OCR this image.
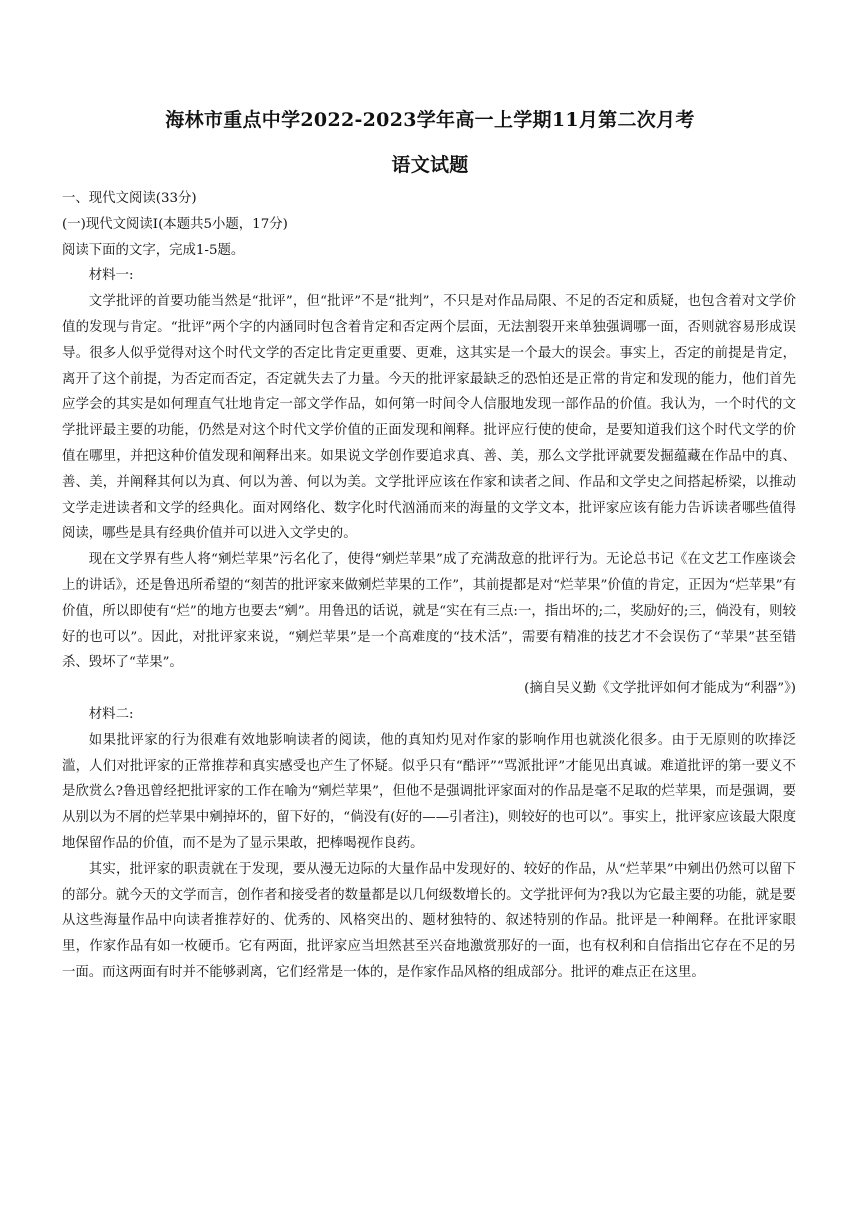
海林市重点中学2022-2023学年高一上学期11月第二次月考
语文试题

一、现代文阅读(33分)

(一)现代文阅读Ⅰ(本题共5小题，17分)

阅读下面的文字，完成1-5题。

材料一:

文学批评的首要功能当然是“批评”，但“批评”不是“批判”，不只是对作品局限、不足的否定和质疑，也包含着对文学价值的发现与肯定。“批评”两个字的内涵同时包含着肯定和否定两个层面，无法割裂开来单独强调哪一面，否则就容易形成误导。很多人似乎觉得对这个时代文学的否定比肯定更重要、更难，这其实是一个最大的误会。事实上，否定的前提是肯定，离开了这个前提，为否定而否定，否定就失去了力量。今天的批评家最缺乏的恐怕还是正常的肯定和发现的能力，他们首先应学会的其实是如何理直气壮地肯定一部文学作品，如何第一时间令人信服地发现一部作品的价值。我认为，一个时代的文学批评最主要的功能，仍然是对这个时代文学价值的正面发现和阐释。批评应行使的使命，是要知道我们这个时代文学的价值在哪里，并把这种价值发现和阐释出来。如果说文学创作要追求真、善、美，那么文学批评就要发掘蕴藏在作品中的真、善、美，并阐释其何以为真、何以为善、何以为美。文学批评应该在作家和读者之间、作品和文学史之间搭起桥梁，以推动文学走进读者和文学的经典化。面对网络化、数字化时代汹涌而来的海量的文学文本，批评家应该有能力告诉读者哪些值得阅读，哪些是具有经典价值并可以进入文学史的。

现在文学界有些人将“剜烂苹果”污名化了，使得“剜烂苹果”成了充满敌意的批评行为。无论总书记《在文艺工作座谈会上的讲话》，还是鲁迅所希望的“刻苦的批评家来做剜烂苹果的工作”，其前提都是对“烂苹果”价值的肯定，正因为“烂苹果”有价值，所以即使有“烂”的地方也要去“剜”。用鲁迅的话说，就是“实在有三点:一，指出坏的;二，奖励好的;三，倘没有，则较好的也可以”。因此，对批评家来说，“剜烂苹果”是一个高难度的“技术活”，需要有精准的技艺才不会误伤了“苹果”甚至错杀、毁坏了“苹果”。

(摘自吴义勤《文学批评如何才能成为“利器”》)

材料二:

如果批评家的行为很难有效地影响读者的阅读，他的真知灼见对作家的影响作用也就淡化很多。由于无原则的吹捧泛滥，人们对批评家的正常推荐和真实感受也产生了怀疑。似乎只有“酷评”“骂派批评”才能见出真诚。难道批评的第一要义不是欣赏么?鲁迅曾经把批评家的工作在喻为“剜烂苹果”，但他不是强调批评家面对的作品是毫不足取的烂苹果，而是强调，要从别以为不屑的烂苹果中剜掉坏的，留下好的，“倘没有(好的——引者注)，则较好的也可以”。事实上，批评家应该最大限度地保留作品的价值，而不是为了显示果敢，把棒喝视作良药。

其实，批评家的职责就在于发现，要从漫无边际的大量作品中发现好的、较好的作品，从“烂苹果”中剜出仍然可以留下的部分。就今天的文学而言，创作者和接受者的数量都是以几何级数增长的。文学批评何为?我以为它最主要的功能，就是要从这些海量作品中向读者推荐好的、优秀的、风格突出的、题材独特的、叙述特别的作品。批评是一种阐释。在批评家眼里，作家作品有如一枚硬币。它有两面，批评家应当坦然甚至兴奋地激赏那好的一面，也有权利和自信指出它存在不足的另一面。而这两面有时并不能够剥离，它们经常是一体的，是作家作品风格的组成部分。批评的难点正在这里。
